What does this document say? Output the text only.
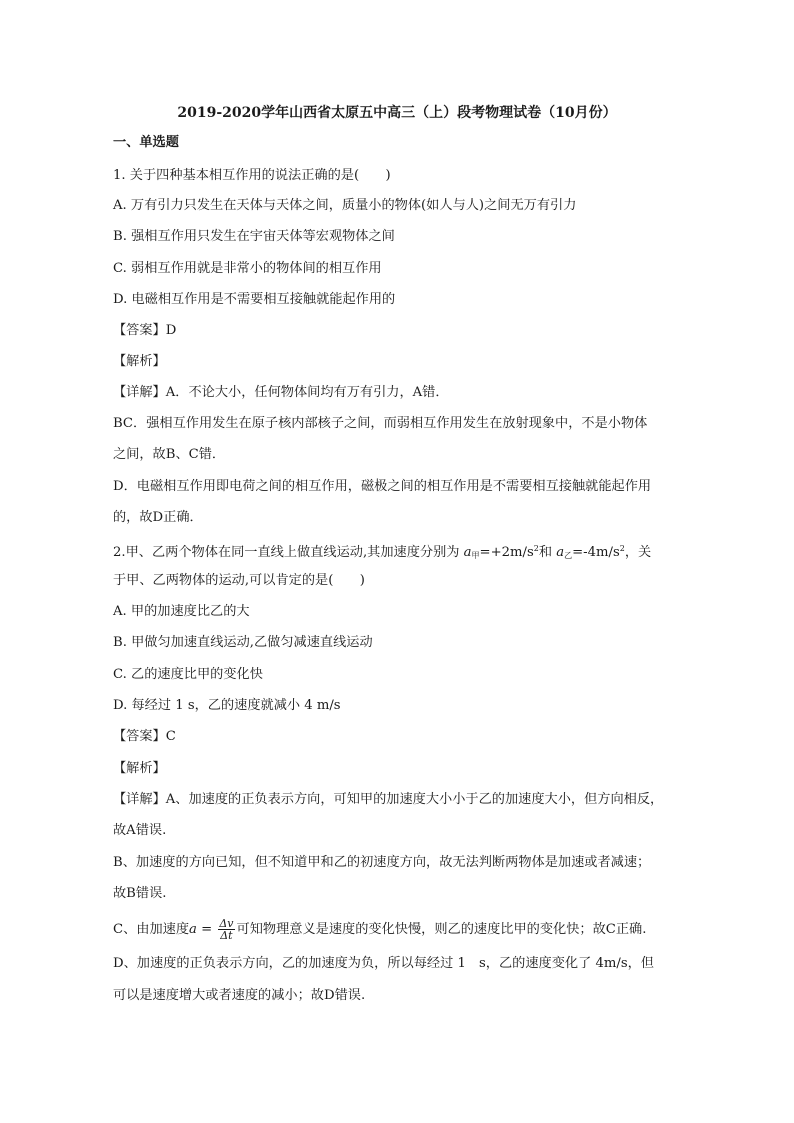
2019-2020学年山西省太原五中高三（上）段考物理试卷（10月份）
一、单选题
1. 关于四种基本相互作用的说法正确的是(　　)
A. 万有引力只发生在天体与天体之间，质量小的物体(如人与人)之间无万有引力
B. 强相互作用只发生在宇宙天体等宏观物体之间
C. 弱相互作用就是非常小的物体间的相互作用
D. 电磁相互作用是不需要相互接触就能起作用的
【答案】D
【解析】
【详解】A．不论大小，任何物体间均有万有引力，A错．
BC．强相互作用发生在原子核内部核子之间，而弱相互作用发生在放射现象中，不是小物体
之间，故B、C错．
D．电磁相互作用即电荷之间的相互作用，磁极之间的相互作用是不需要相互接触就能起作用
的，故D正确．
2.甲、乙两个物体在同一直线上做直线运动,其加速度分别为 $a_甲=+2m/s^2$和 $a_乙=-4m/s^2$，关
于甲、乙两物体的运动,可以肯定的是(　　)
A. 甲的加速度比乙的大
B. 甲做匀加速直线运动,乙做匀减速直线运动
C. 乙的速度比甲的变化快
D. 每经过 1 s，乙的速度就减小 4 m/s
【答案】C
【解析】
【详解】A、加速度的正负表示方向，可知甲的加速度大小小于乙的加速度大小，但方向相反，
故A错误.
B、加速度的方向已知，但不知道甲和乙的初速度方向，故无法判断两物体是加速或者减速；
故B错误.
C、由加速度$a = \frac{\Delta v}{\Delta t}$ 可知物理意义是速度的变化快慢，则乙的速度比甲的变化快；故C正确.
D、加速度的正负表示方向，乙的加速度为负，所以每经过 1　s，乙的速度变化了 4m/s，但
可以是速度增大或者速度的减小；故D错误.
